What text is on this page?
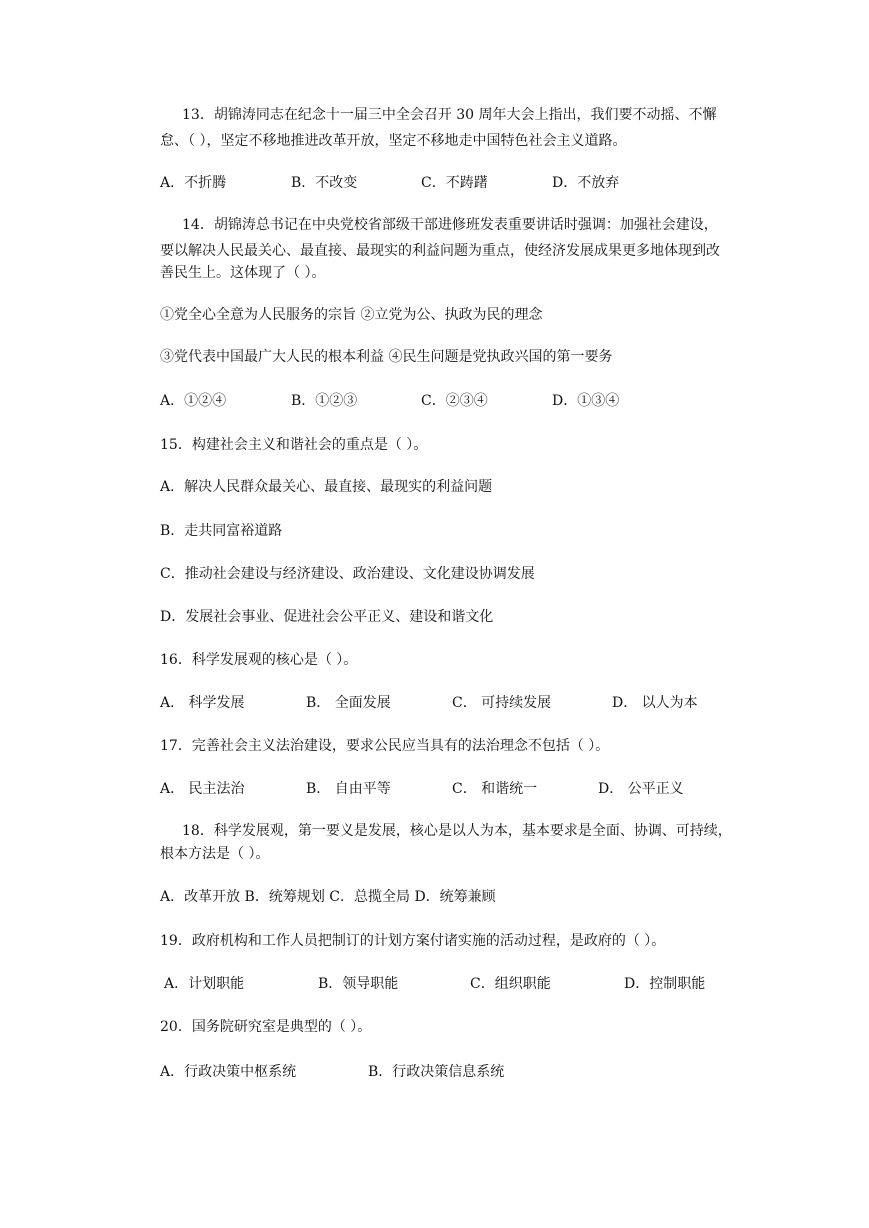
13．胡锦涛同志在纪念十一届三中全会召开 30 周年大会上指出，我们要不动摇、不懈
怠、（ ），坚定不移地推进改革开放，坚定不移地走中国特色社会主义道路。
A．不折腾	B．不改变	C．不踌躇	D．不放弃
14．胡锦涛总书记在中央党校省部级干部进修班发表重要讲话时强调：加强社会建设，
要以解决人民最关心、最直接、最现实的利益问题为重点，使经济发展成果更多地体现到改
善民生上。这体现了（ ）。
①党全心全意为人民服务的宗旨 ②立党为公、执政为民的理念
③党代表中国最广大人民的根本利益 ④民生问题是党执政兴国的第一要务
A．①②④	B．①②③	C．②③④	D．①③④
15．构建社会主义和谐社会的重点是（ ）。
A．解决人民群众最关心、最直接、最现实的利益问题
B．走共同富裕道路
C．推动社会建设与经济建设、政治建设、文化建设协调发展
D．发展社会事业、促进社会公平正义、建设和谐文化
16．科学发展观的核心是（ ）。
A． 科学发展	B． 全面发展	C． 可持续发展	D． 以人为本
17．完善社会主义法治建设，要求公民应当具有的法治理念不包括（ ）。
A． 民主法治	B． 自由平等	C． 和谐统一	D． 公平正义
18．科学发展观，第一要义是发展，核心是以人为本，基本要求是全面、协调、可持续，
根本方法是（ ）。
A．改革开放 B．统筹规划 C．总揽全局 D．统筹兼顾
19．政府机构和工作人员把制订的计划方案付诸实施的活动过程，是政府的（ ）。
A．计划职能	B．领导职能	C．组织职能	D．控制职能
20．国务院研究室是典型的（ ）。
A．行政决策中枢系统	B．行政决策信息系统
